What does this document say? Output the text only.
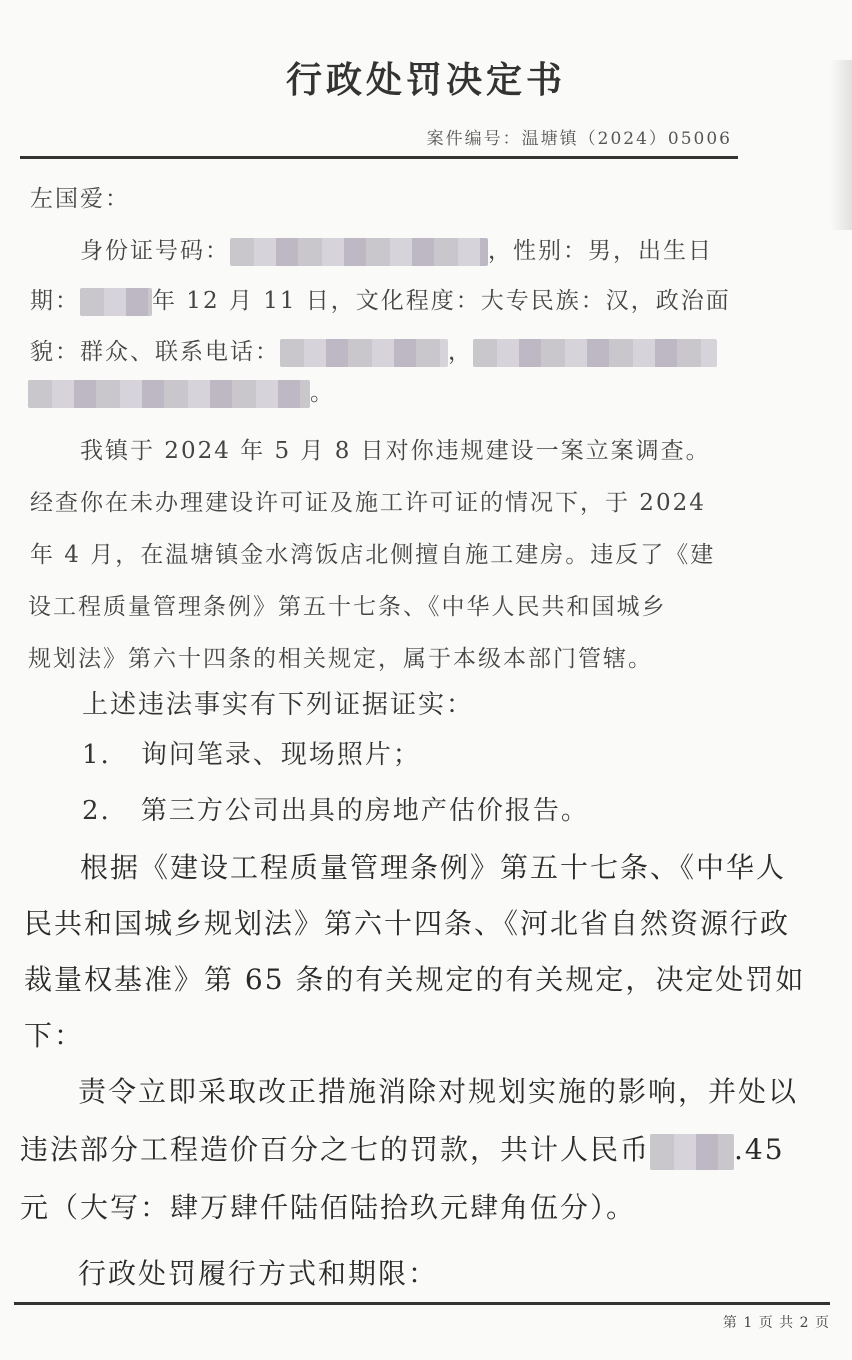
行政处罚决定书
案件编号：温塘镇（2024）05006
左国爱：
身份证号码：	，性别：男，出生日
期：	年 12 月 11 日，文化程度：大专民族：汉，政治面
貌：群众、联系电话：	，
。
我镇于 2024 年 5 月 8 日对你违规建设一案立案调查。
经查你在未办理建设许可证及施工许可证的情况下，于 2024
年 4 月，在温塘镇金水湾饭店北侧擅自施工建房。违反了《建
设工程质量管理条例》第五十七条、《中华人民共和国城乡
规划法》第六十四条的相关规定，属于本级本部门管辖。
上述违法事实有下列证据证实：
1. 询问笔录、现场照片；
2. 第三方公司出具的房地产估价报告。
根据《建设工程质量管理条例》第五十七条、《中华人
民共和国城乡规划法》第六十四条、《河北省自然资源行政
裁量权基准》第 65 条的有关规定的有关规定，决定处罚如
下：
责令立即采取改正措施消除对规划实施的影响，并处以
违法部分工程造价百分之七的罚款，共计人民币	.45
元（大写：肆万肆仟陆佰陆拾玖元肆角伍分）。
行政处罚履行方式和期限：
第 1 页 共 2 页
